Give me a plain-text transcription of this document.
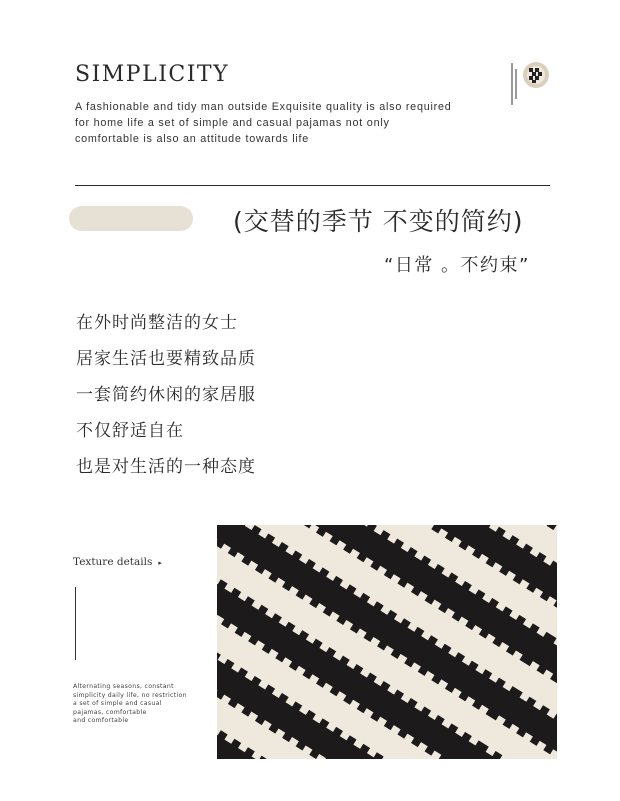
SIMPLICITY
A fashionable and tidy man outside Exquisite quality is also required
for home life a set of simple and casual pajamas not only
comfortable is also an attitude towards life
(交替的季节 不变的简约)
“日常 。不约束”
在外时尚整洁的女士
居家生活也要精致品质
一套简约休闲的家居服
不仅舒适自在
也是对生活的一种态度
Texture details ▸
Alternating seasons, constant
simplicity daily life, no restriction
a set of simple and casual
pajamas, comfortable
and comfortable
